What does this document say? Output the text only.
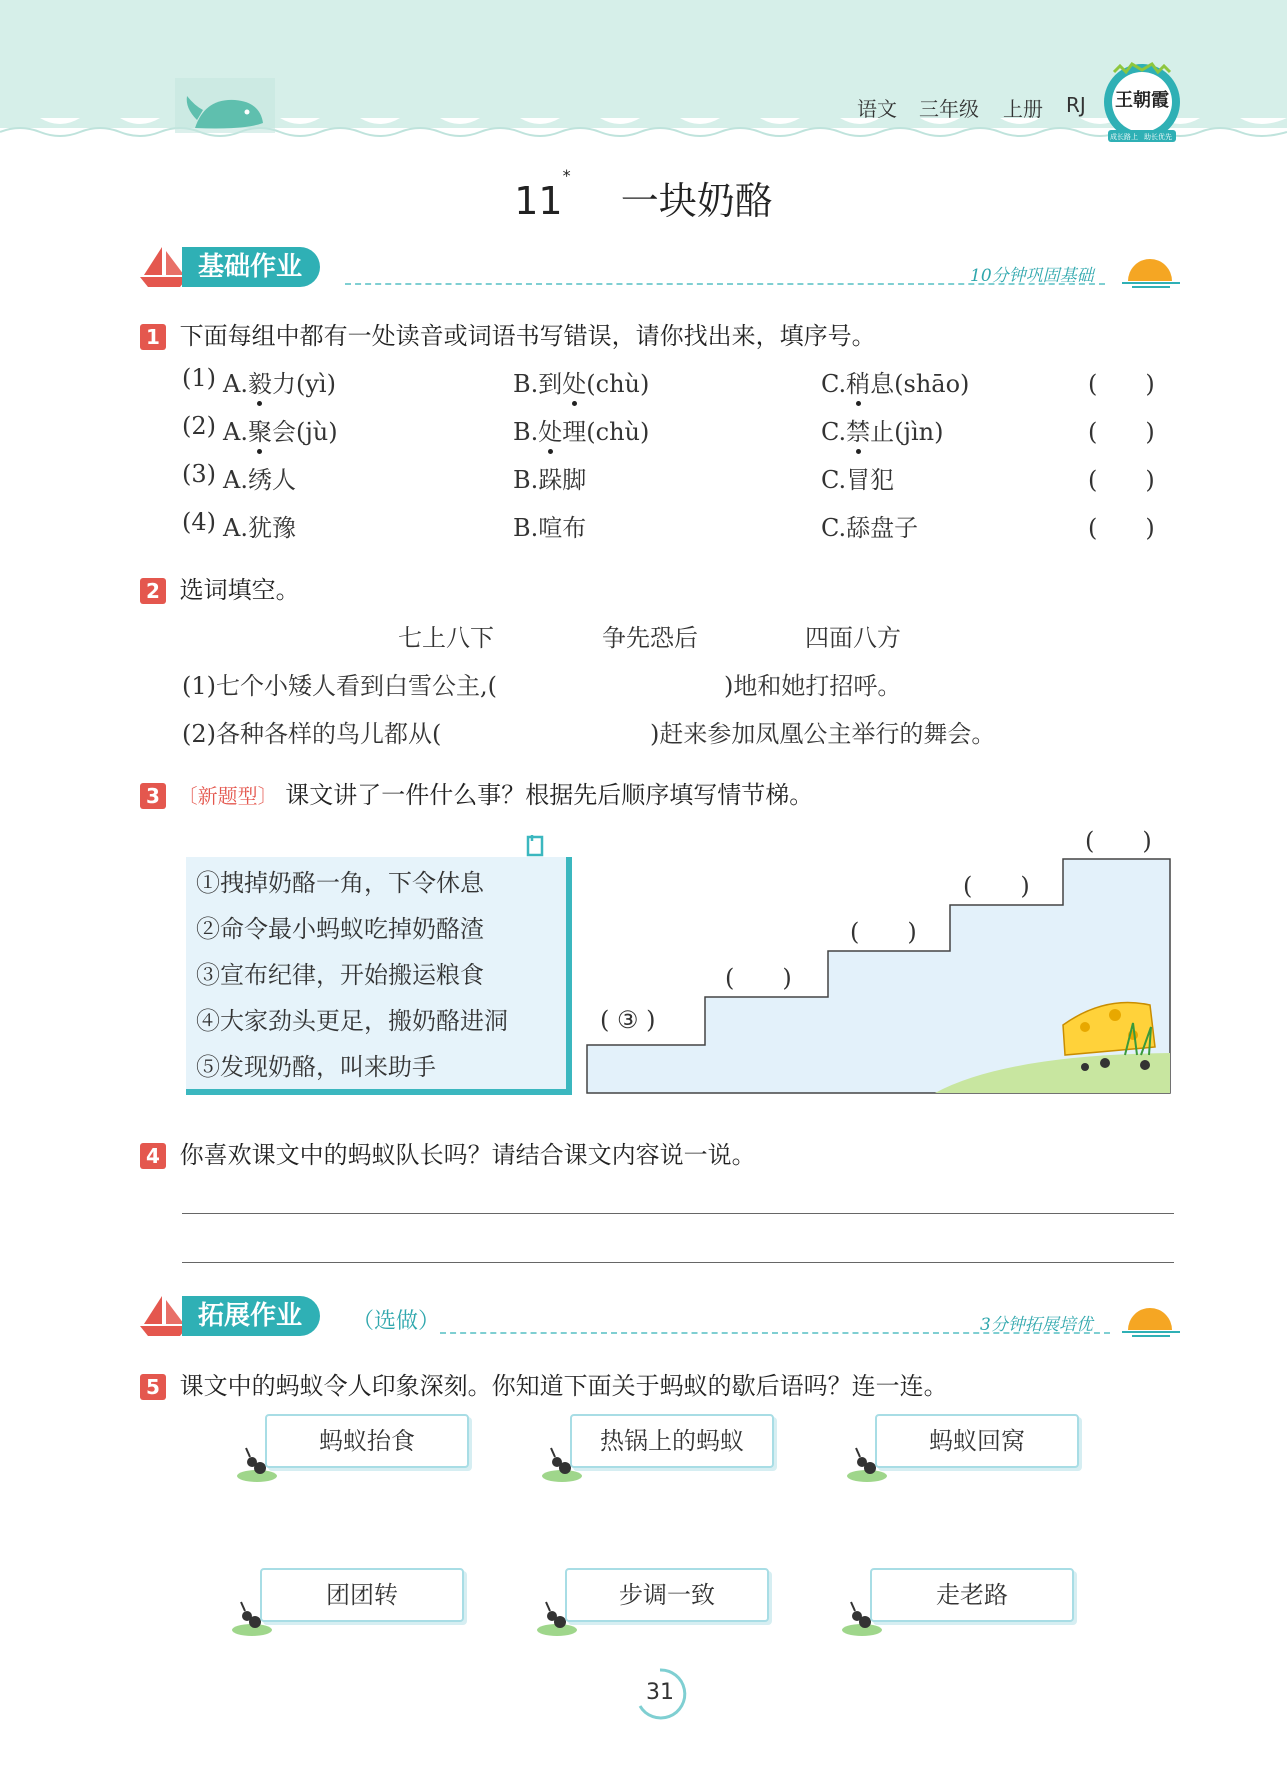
语文 三年级 上册 RJ 王朝霞
成长路上 助长优先
11*  一块奶酪
基础作业	10分钟巩固基础
1 下面每组中都有一处读音或词语书写错误，请你找出来，填序号。
(1) A.毅力(yì)	B.到处(chù)	C.稍息(shāo)	(　　)
(2) A.聚会(jù)	B.处理(chù)	C.禁止(jìn)	(　　)
(3) A.绣人	B.跺脚	C.冒犯	(　　)
(4) A.犹豫	B.喧布	C.舔盘子	(　　)
2 选词填空。
七上八下	争先恐后	四面八方
(1)七个小矮人看到白雪公主,(	)地和她打招呼。
(2)各种各样的鸟儿都从(	)赶来参加凤凰公主举行的舞会。
3 〔新题型〕 课文讲了一件什么事？根据先后顺序填写情节梯。
①拽掉奶酪一角，下令休息
②命令最小蚂蚁吃掉奶酪渣
③宣布纪律，开始搬运粮食
④大家劲头更足，搬奶酪进洞
⑤发现奶酪，叫来助手
( ③ )
(　　)
(　　)
(　　)
(　　)
4 你喜欢课文中的蚂蚁队长吗？请结合课文内容说一说。
拓展作业	（选做）	3分钟拓展培优
5 课文中的蚂蚁令人印象深刻。你知道下面关于蚂蚁的歇后语吗？连一连。
蚂蚁抬食	热锅上的蚂蚁	蚂蚁回窝
团团转	步调一致	走老路
31
